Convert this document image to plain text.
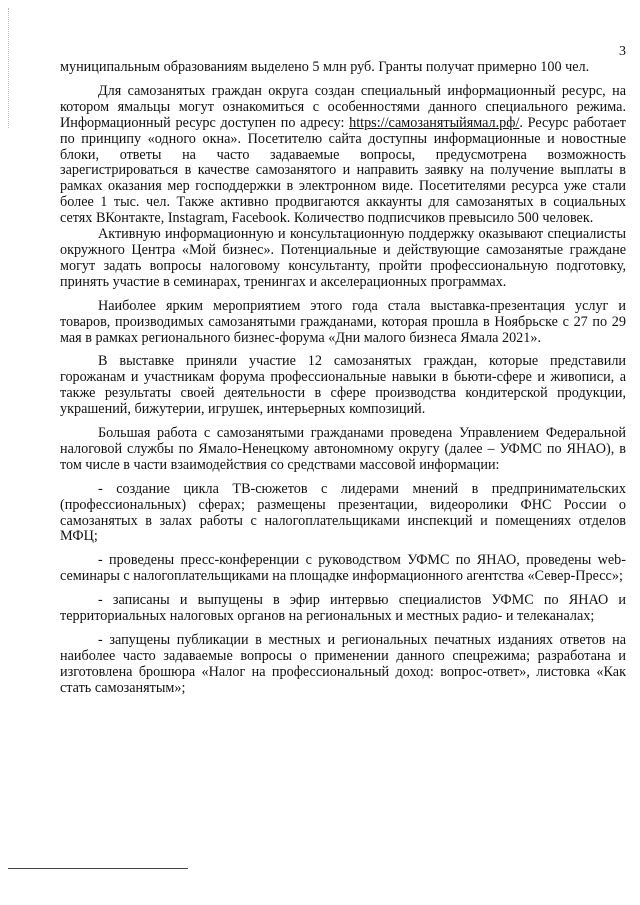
3

муниципальным образованиям выделено 5 млн руб. Гранты получат примерно 100 чел.

Для самозанятых граждан округа создан специальный информационный ресурс, на котором ямальцы могут ознакомиться с особенностями данного специального режима. Информационный ресурс доступен по адресу: https://самозанятыйямал.рф/. Ресурс работает по принципу «одного окна». Посетителю сайта доступны информационные и новостные блоки, ответы на часто задаваемые вопросы, предусмотрена возможность зарегистрироваться в качестве самозанятого и направить заявку на получение выплаты в рамках оказания мер господдержки в электронном виде. Посетителями ресурса уже стали более 1 тыс. чел. Также активно продвигаются аккаунты для самозанятых в социальных сетях ВКонтакте, Instagram, Facebook. Количество подписчиков превысило 500 человек.

Активную информационную и консультационную поддержку оказывают специалисты окружного Центра «Мой бизнес». Потенциальные и действующие самозанятые граждане могут задать вопросы налоговому консультанту, пройти профессиональную подготовку, принять участие в семинарах, тренингах и акселерационных программах.

Наиболее ярким мероприятием этого года стала выставка-презентация услуг и товаров, производимых самозанятыми гражданами, которая прошла в Ноябрьске с 27 по 29 мая в рамках регионального бизнес-форума «Дни малого бизнеса Ямала 2021».

В выставке приняли участие 12 самозанятых граждан, которые представили горожанам и участникам форума профессиональные навыки в бьюти-сфере и живописи, а также результаты своей деятельности в сфере производства кондитерской продукции, украшений, бижутерии, игрушек, интерьерных композиций.

Большая работа с самозанятыми гражданами проведена Управлением Федеральной налоговой службы по Ямало-Ненецкому автономному округу (далее – УФМС по ЯНАО), в том числе в части взаимодействия со средствами массовой информации:

- создание цикла ТВ-сюжетов с лидерами мнений в предпринимательских (профессиональных) сферах; размещены презентации, видеоролики ФНС России о самозанятых в залах работы с налогоплательщиками инспекций и помещениях отделов МФЦ;

- проведены пресс-конференции с руководством УФМС по ЯНАО, проведены web-семинары с налогоплательщиками на площадке информационного агентства «Север-Пресс»;

- записаны и выпущены в эфир интервью специалистов УФМС по ЯНАО и территориальных налоговых органов на региональных и местных радио- и телеканалах;

- запущены публикации в местных и региональных печатных изданиях ответов на наиболее часто задаваемые вопросы о применении данного спецрежима; разработана и изготовлена брошюра «Налог на профессиональный доход: вопрос-ответ», листовка «Как стать самозанятым»;
